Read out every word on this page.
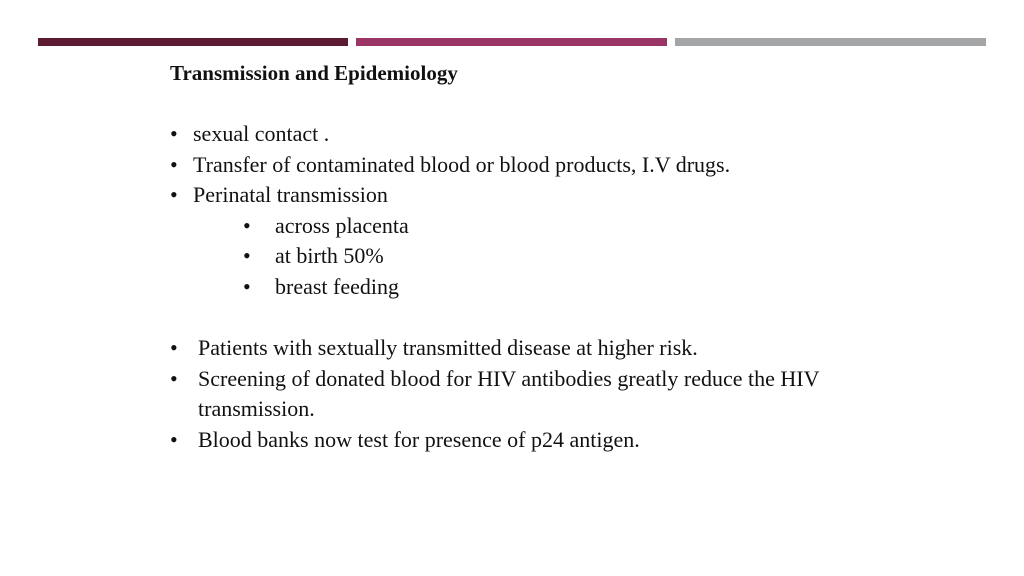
Transmission and Epidemiology
• sexual contact .
• Transfer of contaminated blood or blood products, I.V drugs.
• Perinatal transmission
• across placenta
• at birth 50%
• breast feeding
• Patients with sextually transmitted disease at higher risk.
• Screening of donated blood for HIV antibodies greatly reduce the HIV transmission.
• Blood banks now test for presence of p24 antigen.
